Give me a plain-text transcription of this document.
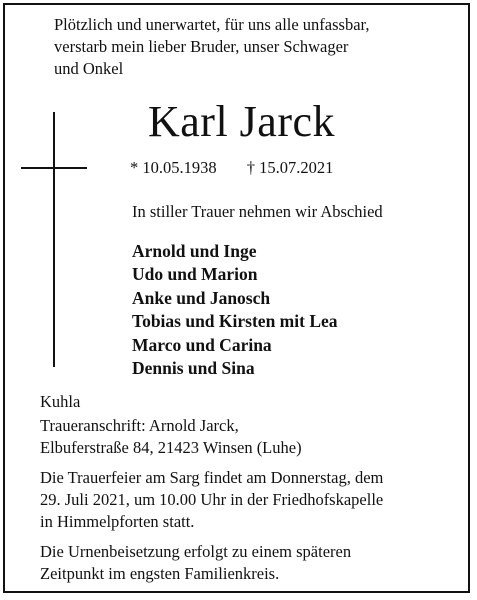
Plötzlich und unerwartet, für uns alle unfassbar,
verstarb mein lieber Bruder, unser Schwager
und Onkel

Karl Jarck
* 10.05.1938 † 15.07.2021

In stiller Trauer nehmen wir Abschied

Arnold und Inge
Udo und Marion
Anke und Janosch
Tobias und Kirsten mit Lea
Marco und Carina
Dennis und Sina

Kuhla

Traueranschrift: Arnold Jarck,
Elbuferstraße 84, 21423 Winsen (Luhe)

Die Trauerfeier am Sarg findet am Donnerstag, dem
29. Juli 2021, um 10.00 Uhr in der Friedhofskapelle
in Himmelpforten statt.

Die Urnenbeisetzung erfolgt zu einem späteren
Zeitpunkt im engsten Familienkreis.
